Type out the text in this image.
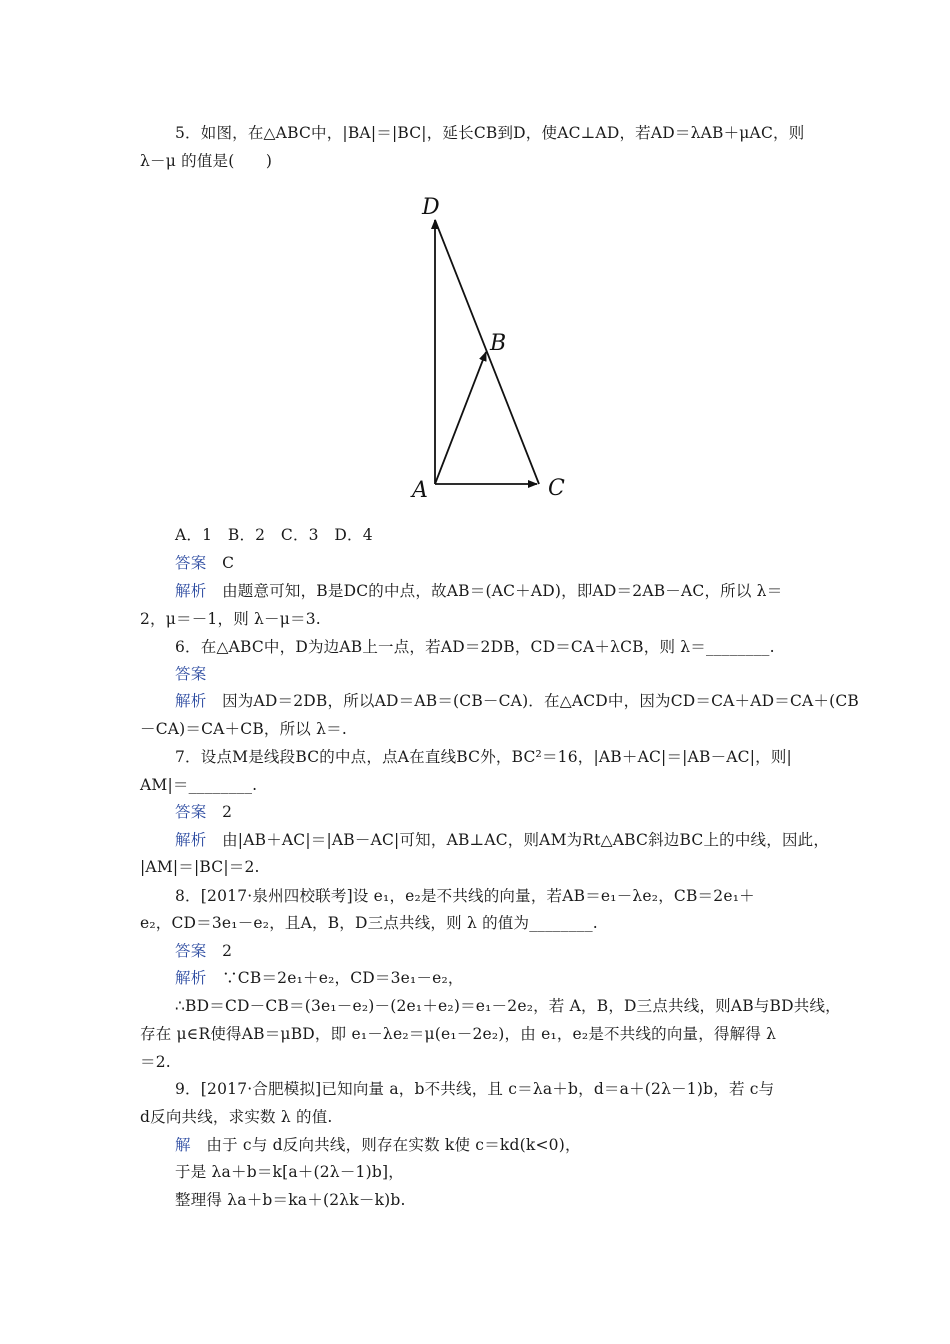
5．如图，在△ABC中，|BA|＝|BC|，延长CB到D，使AC⊥AD，若AD＝λAB＋μAC，则
λ－μ 的值是(　　)
D
B
A	C
A．1　B．2　C．3　D．4
答案　 C
解析　 由题意可知，B是DC的中点，故AB＝(AC＋AD)，即AD＝2AB－AC，所以 λ＝
2，μ＝－1，则 λ－μ＝3.
6．在△ABC中，D为边AB上一点，若AD＝2DB，CD＝CA＋λCB，则 λ＝________.
答案
解析　 因为AD＝2DB，所以AD＝AB＝(CB－CA)．在△ACD中，因为CD＝CA＋AD＝CA＋(CB
－CA)＝CA＋CB，所以 λ＝.
7．设点M是线段BC的中点，点A在直线BC外，BC²＝16，|AB＋AC|＝|AB－AC|，则|
AM|＝________.
答案　 2
解析　 由|AB＋AC|＝|AB－AC|可知，AB⊥AC，则AM为Rt△ABC斜边BC上的中线，因此，
|AM|＝|BC|＝2.
8．[2017·泉州四校联考]设 e₁，e₂是不共线的向量，若AB＝e₁－λe₂，CB＝2e₁＋
e₂，CD＝3e₁－e₂，且A，B，D三点共线，则 λ 的值为________.
答案　 2
解析　 ∵CB＝2e₁＋e₂，CD＝3e₁－e₂，
∴BD＝CD－CB＝(3e₁－e₂)－(2e₁＋e₂)＝e₁－2e₂，若 A，B，D三点共线，则AB与BD共线，
存在 μ∈R使得AB＝μBD，即 e₁－λe₂＝μ(e₁－2e₂)，由 e₁，e₂是不共线的向量，得解得 λ
＝2.
9．[2017·合肥模拟]已知向量 a，b不共线，且 c＝λa＋b，d＝a＋(2λ－1)b，若 c与
d反向共线，求实数 λ 的值.
解　 由于 c与 d反向共线，则存在实数 k使 c＝kd(k<0)，
于是 λa＋b＝k[a＋(2λ－1)b]，
整理得 λa＋b＝ka＋(2λk－k)b.
